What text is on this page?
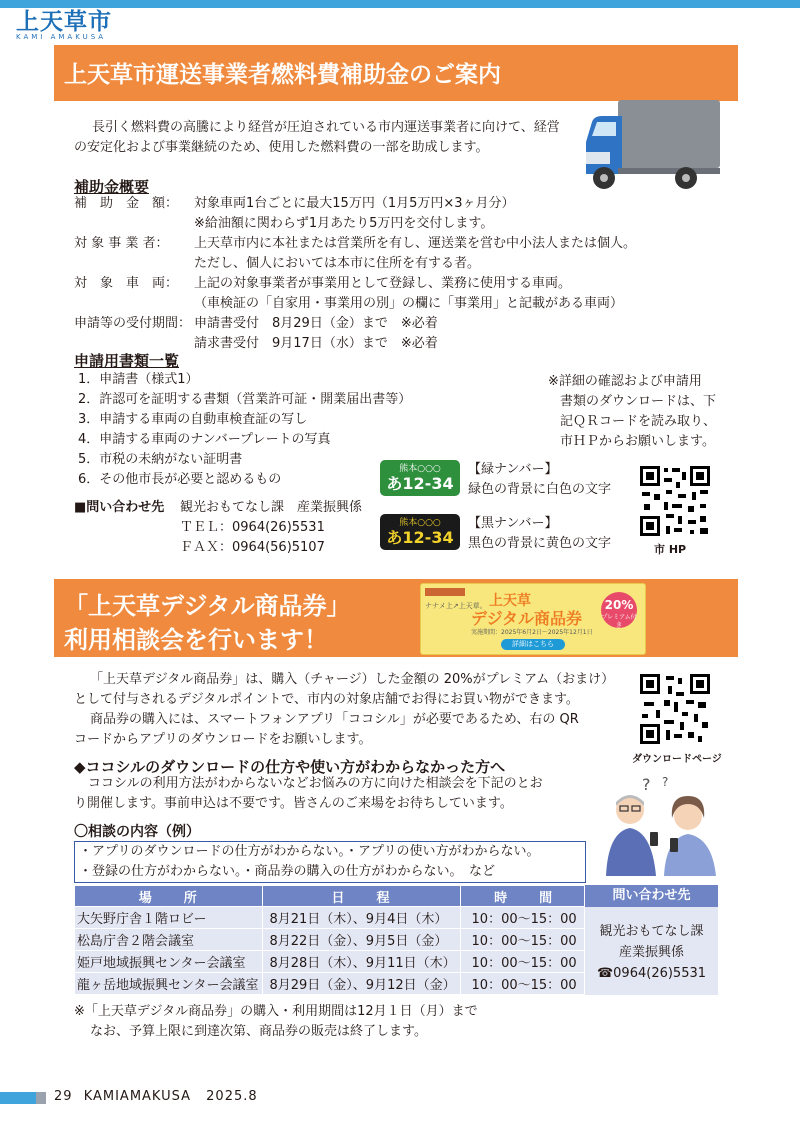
上天草市
KAMI AMAKUSA
上天草市運送事業者燃料費補助金のご案内
長引く燃料費の高騰により経営が圧迫されている市内運送事業者に向けて、経営
の安定化および事業継続のため、使用した燃料費の一部を助成します。
補助金概要
補　助　金　額：	対象車両1台ごとに最大15万円（1月5万円×3ヶ月分）
※給油額に関わらず1月あたり5万円を交付します。
対 象 事 業 者：	上天草市内に本社または営業所を有し、運送業を営む中小法人または個人。
ただし、個人においては本市に住所を有する者。
対　象　車　両：	上記の対象事業者が事業用として登録し、業務に使用する車両。
（車検証の「自家用・事業用の別」の欄に「事業用」と記載がある車両）
申請等の受付期間： 申請書受付　8月29日（金）まで　※必着
請求書受付　9月17日（水）まで　※必着
申請用書類一覧
1．申請書（様式1）
2．許認可を証明する書類（営業許可証・開業届出書等）
3．申請する車両の自動車検査証の写し
4．申請する車両のナンバープレートの写真
5．市税の未納がない証明書
6．その他市長が必要と認めるもの
※詳細の確認および申請用
書類のダウンロードは、下
記ＱＲコードを読み取り、
市ＨＰからお願いします。
■問い合わせ先	観光おもてなし課　産業振興係
ＴＥＬ：0964(26)5531
ＦＡＸ：0964(56)5107
熊本○○○
あ12-34
【緑ナンバー】
緑色の背景に白色の文字
熊本○○○
あ12-34
【黒ナンバー】
黒色の背景に黄色の文字	市 HP
「上天草デジタル商品券」
利用相談会を行います！
ナナメ上↗上天草。 上天草
デジタル商品券
実施期間：2025年6月2日〜2025年12月1日
詳細はこちら
20%
プレミアム付き
「上天草デジタル商品券」は、購入（チャージ）した金額の 20%がプレミアム（おまけ）
として付与されるデジタルポイントで、市内の対象店舗でお得にお買い物ができます。
商品券の購入には、スマートフォンアプリ「ココシル」が必要であるため、右の QR
コードからアプリのダウンロードをお願いします。
ダウンロードページ
◆ココシルのダウンロードの仕方や使い方がわからなかった方へ
ココシルの利用方法がわからないなどお悩みの方に向けた相談会を下記のとお
り開催します。事前申込は不要です。皆さんのご来場をお待ちしています。
? ?
〇相談の内容（例）
・アプリのダウンロードの仕方がわからない。・アプリの使い方がわからない。
・登録の仕方がわからない。・商品券の購入の仕方がわからない。　など
場　　所	日　　程	時　　間
大矢野庁舎１階ロビー	8月21日（木）、9月4日（木）	10：00〜15：00
松島庁舎２階会議室	8月22日（金）、9月5日（金）	10：00〜15：00
姫戸地域振興センター会議室	8月28日（木）、9月11日（木）	10：00〜15：00
龍ヶ岳地域振興センター会議室	8月29日（金）、9月12日（金）	10：00〜15：00
問い合わせ先
観光おもてなし課
産業振興係
☎0964(26)5531
※「上天草デジタル商品券」の購入・利用期間は12月１日（月）まで
なお、予算上限に到達次第、商品券の販売は終了します。
29 KAMIAMAKUSA 2025.8
